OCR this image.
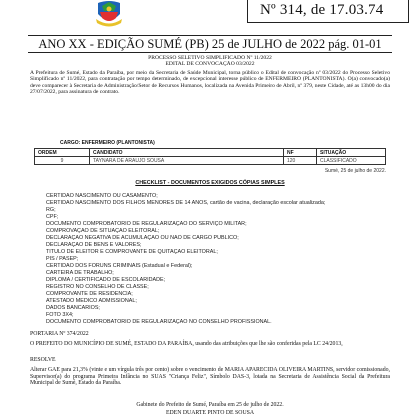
Nº 314, de 17.03.74
ANO XX - EDIÇÃO SUMÉ (PB) 25 de JULHO de 2022 pág. 01-01
PROCESSO SELETIVO SIMPLIFICADO Nº 11/2022
EDITAL DE CONVOCAÇÃO 03/2022
A Prefeitura de Sumé, Estado da Paraíba, por meio da Secretaria de Saúde Municipal, torna público o Edital de convocação nº 03/2022 do Processo Seletivo Simplificado nº 11/2022, para contratação por tempo determinado, de excepcional interesse público de ENFERMEIRO (PLANTONISTA). O(a) convocado(a) deve comparecer à Secretaria de Administração/Setor de Recursos Humanos, localizada na Avenida Primeiro de Abril, nº 379, neste Cidade, até as 13h00 do dia 27/07/2022, para assinatura de contrato.
CARGO: ENFERMEIRO (PLANTONISTA)
ORDEM	CANDIDATO	NF	SITUAÇÃO
9	TAYNARA DE ARAUJO SOUSA	120	CLASSIFICADO
Sumé, 25 de julho de 2022.
CHECKLIST - DOCUMENTOS EXIGIDOS CÓPIAS SIMPLES
1. CERTIDÃO NASCIMENTO OU CASAMENTO;
2. CERTIDÃO NASCIMENTO DOS FILHOS MENORES DE 14 ANOS, cartão de vacina, declaração escolar atualizada;
3. RG;
4. CPF;
5. DOCUMENTO COMPROBATÓRIO DE REGULARIZAÇÃO DO SERVIÇO MILITAR;
6. COMPROVAÇÃO DE SITUAÇÃO ELEITORAL;
7. DECLARAÇÃO NEGATIVA DE ACUMULAÇÃO OU NÃO DE CARGO PÚBLICO;
8. DECLARAÇÃO DE BENS E VALORES;
9. TÍTULO DE ELEITOR E COMPROVANTE DE QUITAÇÃO ELEITORAL;
10. PIS / PASEP;
11. CERTIDÃO DOS FÓRUNS CRIMINAIS (Estadual e Federal);
12. CARTEIRA DE TRABALHO;
13. DIPLOMA / CERTIFICADO DE ESCOLARIDADE;
14. REGISTRO NO CONSELHO DE CLASSE;
15. COMPROVANTE DE RESIDÊNCIA;
16. ATESTADO MÉDICO ADMISSIONAL;
17. DADOS BANCÁRIOS;
18. FOTO 3X4;
19. DOCUMENTO COMPROBATÓRIO DE REGULARIZAÇÃO NO CONSELHO PROFISSIONAL.
PORTARIA Nº 374/2022
O PREFEITO DO MUNICÍPIO DE SUMÉ, ESTADO DA PARAÍBA, usando das atribuições que lhe são conferidas pela LC 24/2013,
RESOLVE
Alterar GAE para 21,3% (vinte e um vírgula três por cento) sobre o vencimento de MARIA APARECIDA OLIVEIRA MARTINS, servidor comissionado, Supervisor(a) do programa Primeira Infância no SUAS "Criança Feliz", Símbolo DAS-3, lotada na Secretaria de Assistência Social da Prefeitura Municipal de Sumé, Estado da Paraíba.
Gabinete do Prefeito de Sumé, Paraíba em 25 de julho de 2022.
EDEN DUARTE PINTO DE SOUSA
